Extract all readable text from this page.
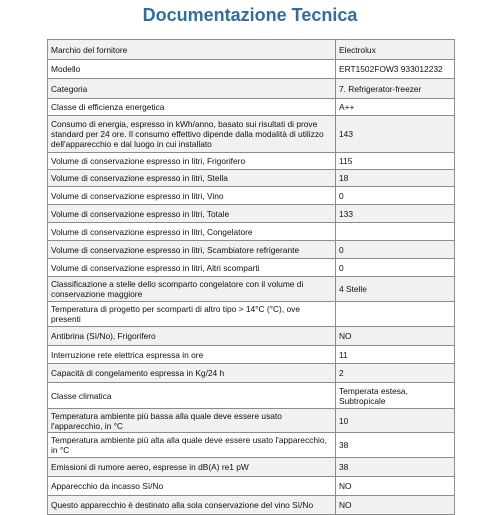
Documentazione Tecnica
Marchio del fornitore	Electrolux
Modello	ERT1502FOW3 933012232
Categoria	7. Refrigerator-freezer
Classe di efficienza energetica	A++
Consumo di energia, espresso in kWh/anno, basato sui risultati di prove standard per 24 ore. Il consumo effettivo dipende dalla modalità di utilizzo dell'apparecchio e dal luogo in cui installato	143
Volume di conservazione espresso in litri, Frigorifero	115
Volume di conservazione espresso in litri, Stella	18
Volume di conservazione espresso in litri, Vino	0
Volume di conservazione espresso in litri, Totale	133
Volume di conservazione espresso in litri, Congelatore	
Volume di conservazione espresso in litri, Scambiatore refrigerante	0
Volume di conservazione espresso in litri, Altri scomparti	0
Classificazione a stelle dello scomparto congelatore con il volume di conservazione maggiore	4 Stelle
Temperatura di progetto per scomparti di altro tipo > 14°C (°C), ove presenti	
Antibrina (Sì/No), Frigorifero	NO
Interruzione rete elettrica espressa in ore	11
Capacità di congelamento espressa in Kg/24 h	2
Classe climatica	Temperata estesa, Subtropicale
Temperatura ambiente più bassa alla quale deve essere usato l'apparecchio, in °C	10
Temperatura ambiente più alta alla quale deve essere usato l'apparecchio, in °C	38
Emissioni di rumore aereo, espresse in dB(A) re1 pW	38
Apparecchio da incasso Sì/No	NO
Questo apparecchio è destinato alla sola conservazione del vino Sì/No	NO
